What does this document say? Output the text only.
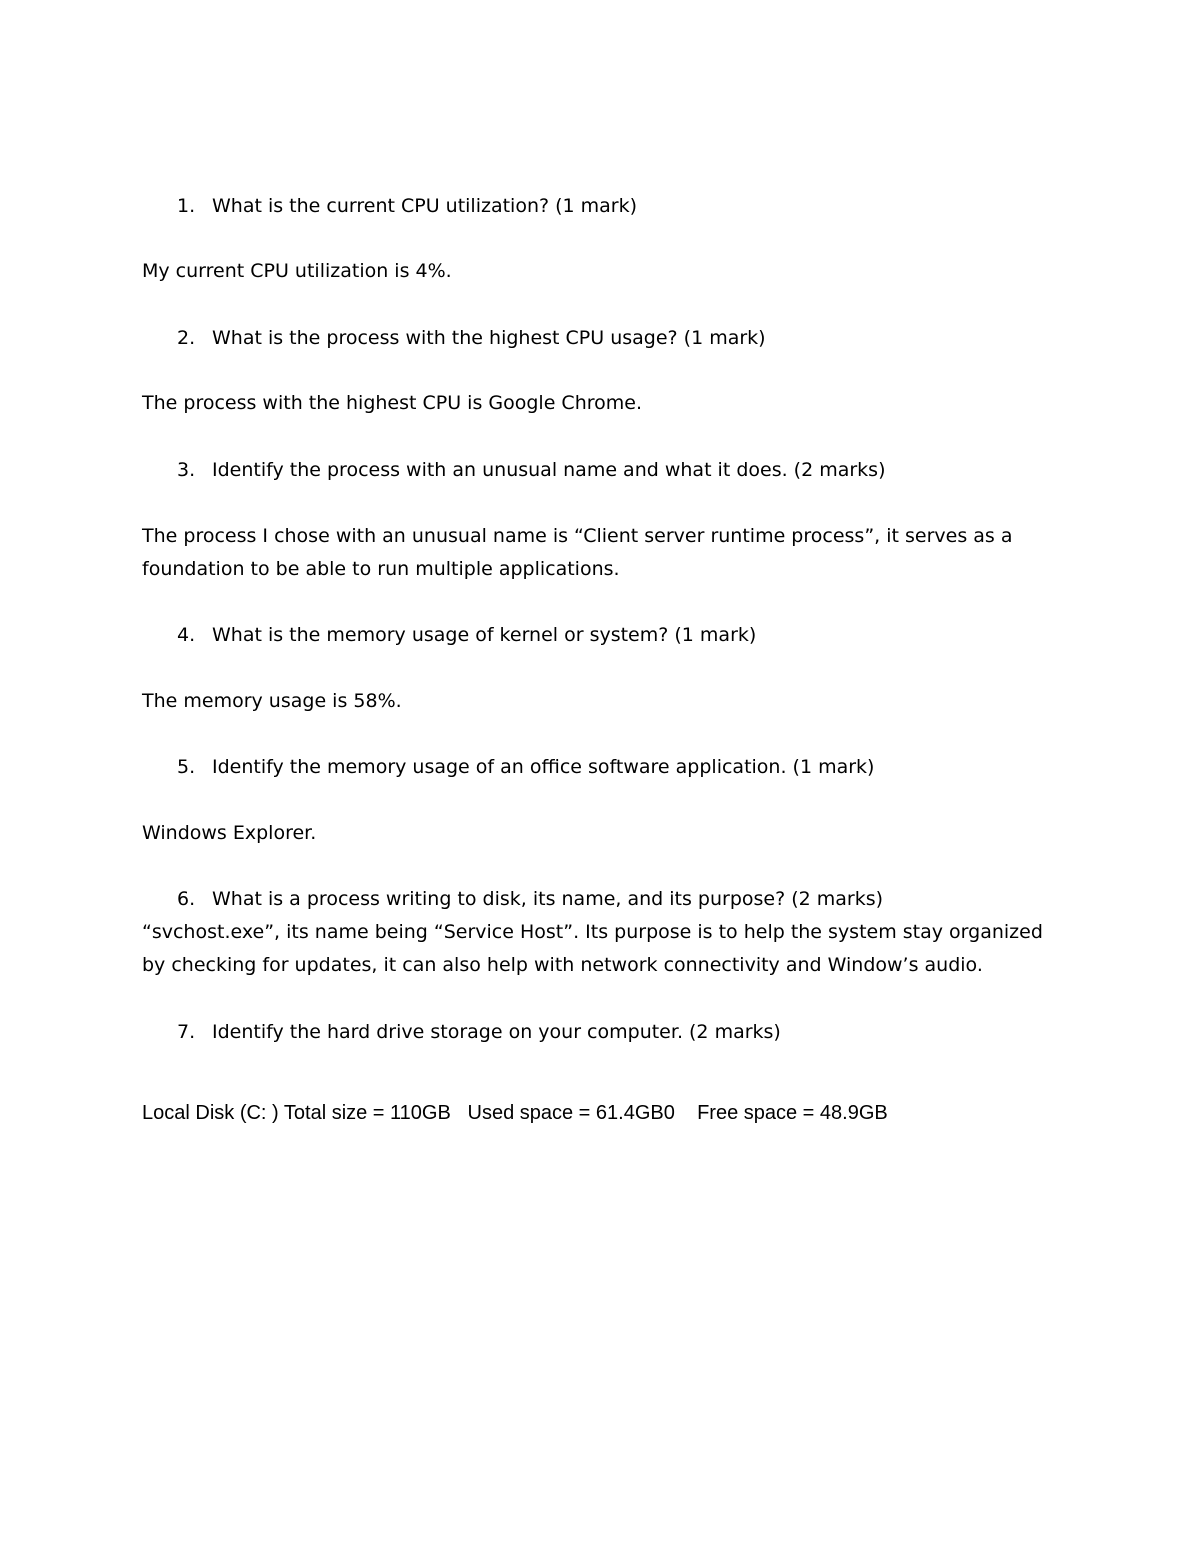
1. What is the current CPU utilization? (1 mark)
My current CPU utilization is 4%.
2. What is the process with the highest CPU usage? (1 mark)
The process with the highest CPU is Google Chrome.
3. Identify the process with an unusual name and what it does. (2 marks)
The process I chose with an unusual name is “Client server runtime process”, it serves as a foundation to be able to run multiple applications.
4. What is the memory usage of kernel or system? (1 mark)
The memory usage is 58%.
5. Identify the memory usage of an office software application. (1 mark)
Windows Explorer.
6. What is a process writing to disk, its name, and its purpose? (2 marks)
“svchost.exe”, its name being “Service Host”. Its purpose is to help the system stay organized by checking for updates, it can also help with network connectivity and Window’s audio.
7. Identify the hard drive storage on your computer. (2 marks)
Local Disk (C: ) Total size = 110GB   Used space = 61.4GB0    Free space = 48.9GB
